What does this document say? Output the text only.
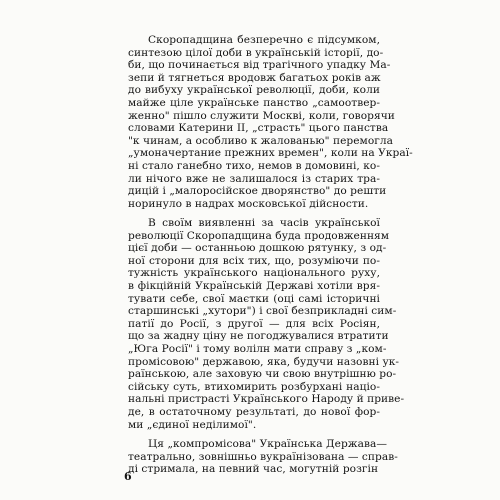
Скоропадщина безперечно є підсумком,
синтезою цілої доби в українській історії, до-
би, що починається від трагічного упадку Ма-
зепи й тягнеться вродовж багатьох років аж
до вибуху української революції, доби, коли
майже ціле українське панство „самоотвер-
женно" пішло служити Москві, коли, говорячи
словами Катерини II, „страсть" цього панства
"к чинам, а особливо к жалованью" перемогла
„умоначертание прежних времен", коли на Украї-
ні стало ганебно тихо, немов в домовині, ко-
ли нічого вже не залишалося із старих тра-
дицій і „малоросійское дворянство" до решти
норинуло в надрах московської дійсности.
В своїм виявленні за часів української
революції Скоропадщина буда продовженням
цієї доби — останньою дошкою рятунку, з од-
ної сторони для всіх тих, що, розуміючи по-
тужність українського національного руху,
в фікційній Українській Державі хотіли вря-
тувати себе, свої маєтки (оці самі історичні
старшинські „хутори") і свої безприкладні сим-
патії до Росії, з другої — для всіх Росіян,
що за жадну ціну не погоджувалися втратити
„Юга Росії" і тому волілн мати справу з „ком-
промісовою" державою, яка, будучи назовні ук-
раїнською, але заховую чи свою внутрішню ро-
сійську суть, втихомирить розбурхані націо-
нальні пристрасті Українського Народу й приве-
де, в остаточному результаті, до нової фор-
ми „єдиної неділимої".
Ця „компромісова" Українська Держава—
театрально, зовнішньо вукраїнізована — справ-
ді стримала, на певний час, могутній розгін
6
